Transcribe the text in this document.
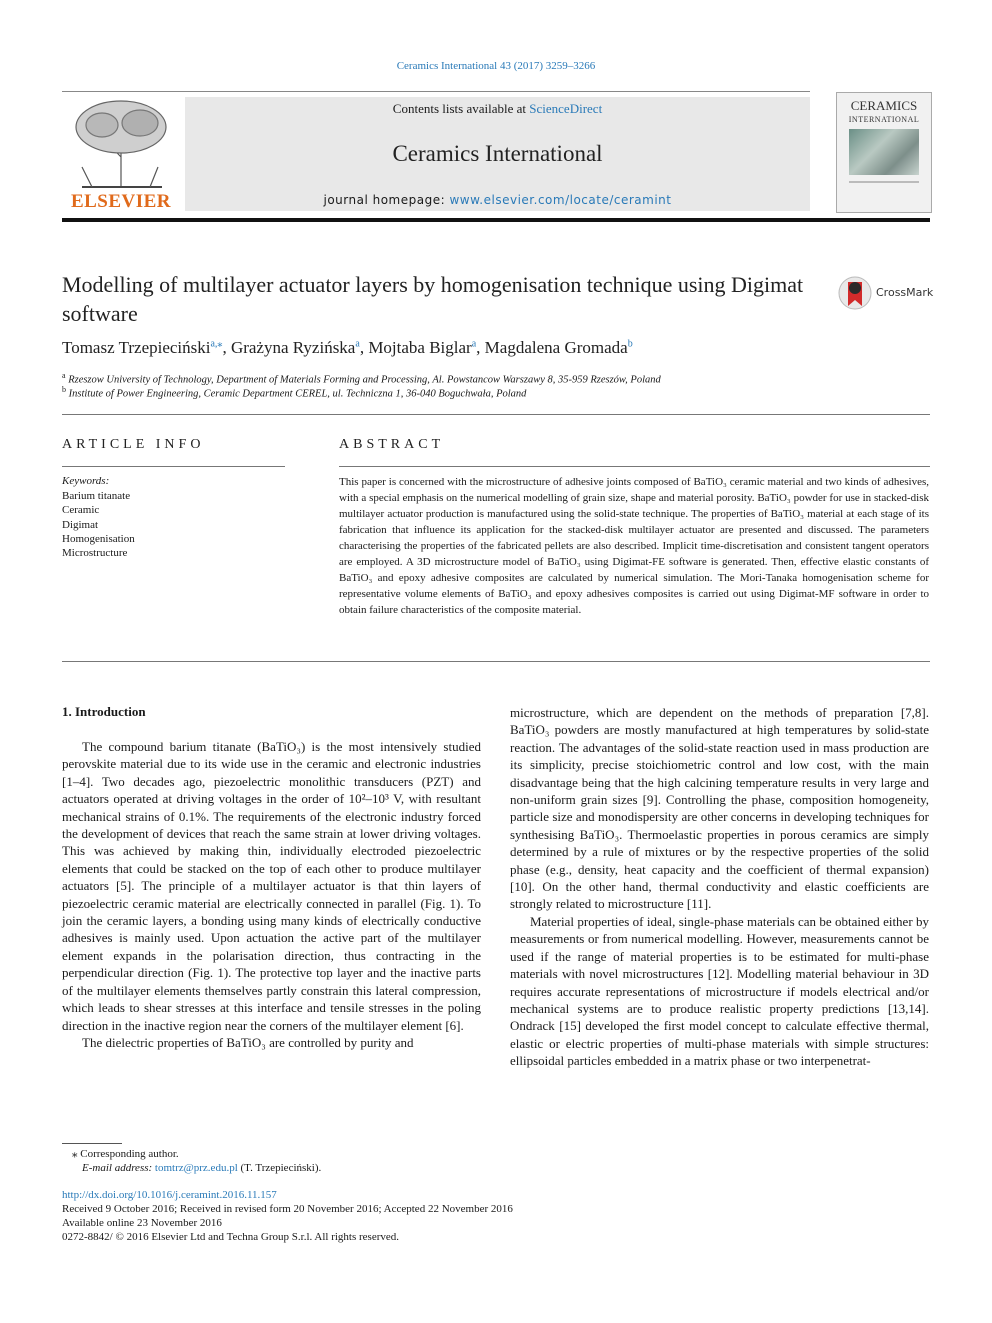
Ceramics International 43 (2017) 3259–3266
ELSEVIER
Contents lists available at ScienceDirect
Ceramics International
journal homepage: www.elsevier.com/locate/ceramint
CERAMICS
INTERNATIONAL
Modelling of multilayer actuator layers by homogenisation technique using Digimat software
CrossMark
Tomasz Trzepieciński$^{a,⁎}$, Grażyna Ryzińska$^a$, Mojtaba Biglar$^a$, Magdalena Gromada$^b$
$^a$ Rzeszow University of Technology, Department of Materials Forming and Processing, Al. Powstancow Warszawy 8, 35-959 Rzeszów, Poland
$^b$ Institute of Power Engineering, Ceramic Department CEREL, ul. Techniczna 1, 36-040 Boguchwała, Poland
ARTICLE INFO
Keywords:
Barium titanate
Ceramic
Digimat
Homogenisation
Microstructure
ABSTRACT

This paper is concerned with the microstructure of adhesive joints composed of BaTiO₃ ceramic material and two kinds of adhesives, with a special emphasis on the numerical modelling of grain size, shape and material porosity. BaTiO₃ powder for use in stacked-disk multilayer actuator production is manufactured using the solid-state technique. The properties of BaTiO₃ material at each stage of its fabrication that influence its application for the stacked-disk multilayer actuator are presented and discussed. The parameters characterising the properties of the fabricated pellets are also described. Implicit time-discretisation and consistent tangent operators are employed. A 3D microstructure model of BaTiO₃ using Digimat-FE software is generated. Then, effective elastic constants of BaTiO₃ and epoxy adhesive composites are calculated by numerical simulation. The Mori-Tanaka homogenisation scheme for representative volume elements of BaTiO₃ and epoxy adhesives composites is carried out using Digimat-MF software in order to obtain failure characteristics of the composite material.

1. Introduction

The compound barium titanate (BaTiO₃) is the most intensively studied perovskite material due to its wide use in the ceramic and electronic industries [1–4]. Two decades ago, piezoelectric monolithic transducers (PZT) and actuators operated at driving voltages in the order of 10²–10³ V, with resultant mechanical strains of 0.1%. The requirements of the electronic industry forced the development of devices that reach the same strain at lower driving voltages. This was achieved by making thin, individually electroded piezoelectric elements that could be stacked on the top of each other to produce multilayer actuators [5]. The principle of a multilayer actuator is that thin layers of piezoelectric ceramic material are electrically connected in parallel (Fig. 1). To join the ceramic layers, a bonding using many kinds of electrically conductive adhesives is mainly used. Upon actuation the active part of the multilayer element expands in the polarisation direction, thus contracting in the perpendicular direction (Fig. 1). The protective top layer and the inactive parts of the multilayer elements themselves partly constrain this lateral compression, which leads to shear stresses at this interface and tensile stresses in the poling direction in the inactive region near the corners of the multilayer element [6].

The dielectric properties of BaTiO₃ are controlled by purity and

microstructure, which are dependent on the methods of preparation [7,8]. BaTiO₃ powders are mostly manufactured at high temperatures by solid-state reaction. The advantages of the solid-state reaction used in mass production are its simplicity, precise stoichiometric control and low cost, with the main disadvantage being that the high calcining temperature results in very large and non-uniform grain sizes [9]. Controlling the phase, composition homogeneity, particle size and monodispersity are other concerns in developing techniques for synthesising BaTiO₃. Thermoelastic properties in porous ceramics are simply determined by a rule of mixtures or by the respective properties of the solid phase (e.g., density, heat capacity and the coefficient of thermal expansion) [10]. On the other hand, thermal conductivity and elastic coefficients are strongly related to microstructure [11].

Material properties of ideal, single-phase materials can be obtained either by measurements or from numerical modelling. However, measurements cannot be used if the range of material properties is to be estimated for multi-phase materials with novel microstructures [12]. Modelling material behaviour in 3D requires accurate representations of microstructure if models electrical and/or mechanical systems are to produce realistic property predictions [13,14]. Ondrack [15] developed the first model concept to calculate effective thermal, elastic or electric properties of multi-phase materials with simple structures: ellipsoidal particles embedded in a matrix phase or two interpenetrat-

⁎ Corresponding author.
E-mail address: tomtrz@prz.edu.pl (T. Trzepieciński).
http://dx.doi.org/10.1016/j.ceramint.2016.11.157
Received 9 October 2016; Received in revised form 20 November 2016; Accepted 22 November 2016
Available online 23 November 2016
0272-8842/ © 2016 Elsevier Ltd and Techna Group S.r.l. All rights reserved.
